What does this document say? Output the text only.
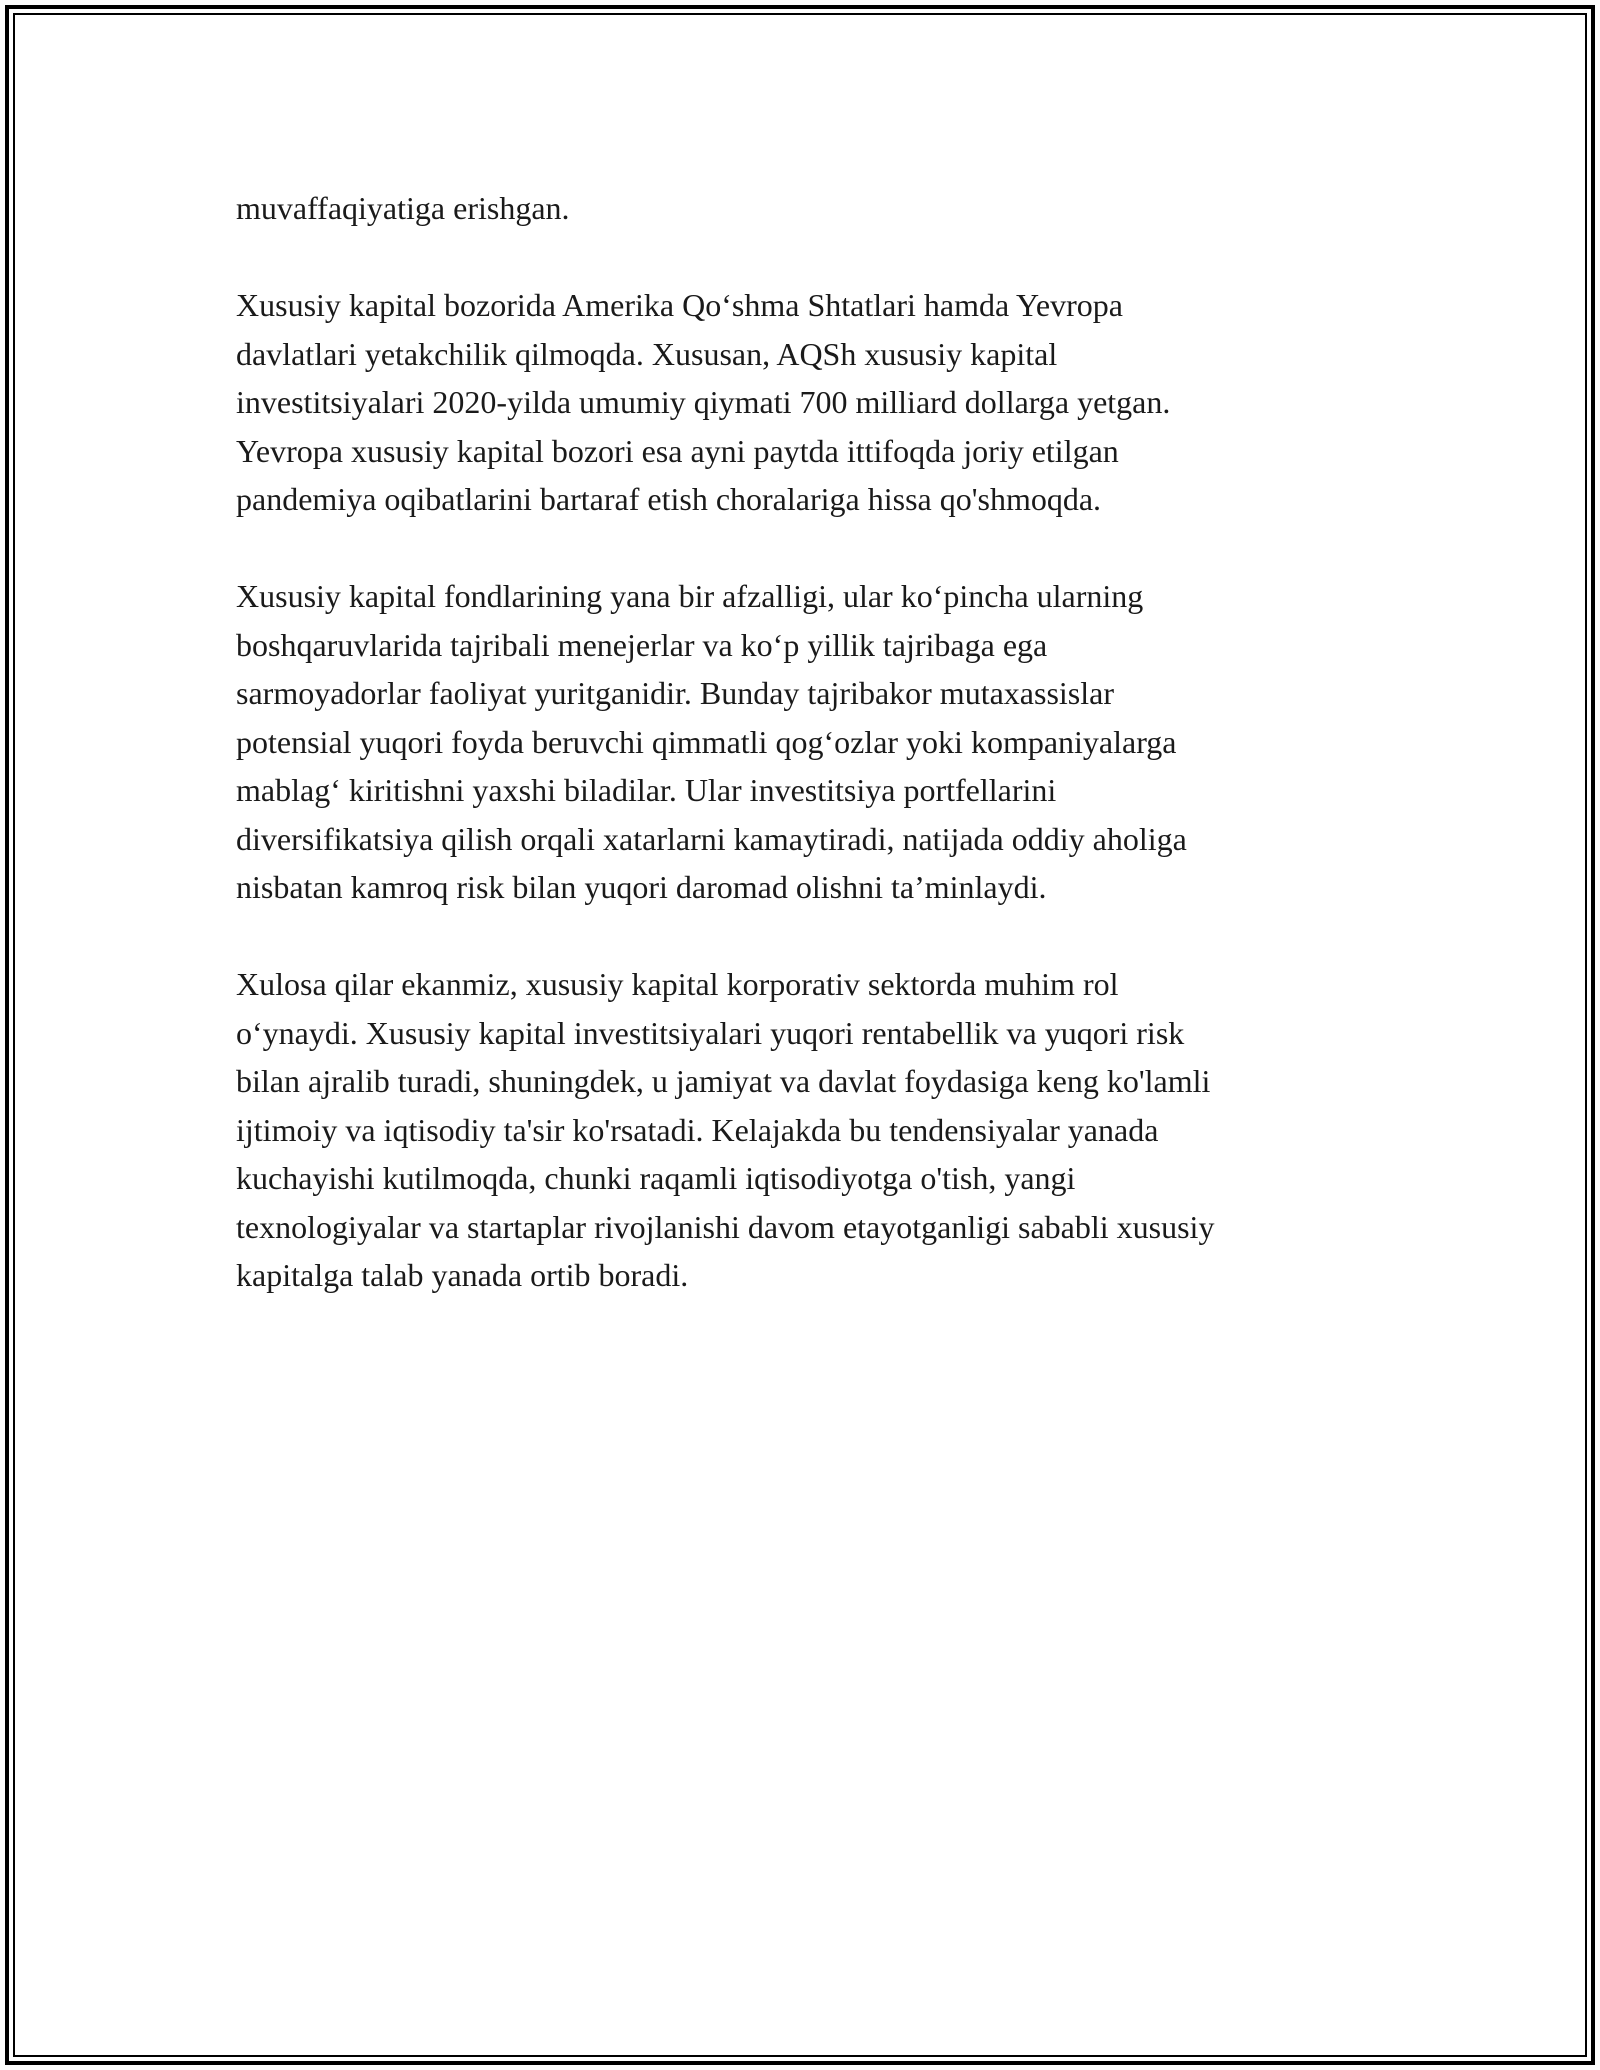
muvaffaqiyatiga erishgan.

Xususiy kapital bozorida Amerika Qo‘shma Shtatlari hamda Yevropa
davlatlari yetakchilik qilmoqda. Xususan, AQSh xususiy kapital
investitsiyalari 2020-yilda umumiy qiymati 700 milliard dollarga yetgan.
Yevropa xususiy kapital bozori esa ayni paytda ittifoqda joriy etilgan
pandemiya oqibatlarini bartaraf etish choralariga hissa qo'shmoqda.

Xususiy kapital fondlarining yana bir afzalligi, ular ko‘pincha ularning
boshqaruvlarida tajribali menejerlar va ko‘p yillik tajribaga ega
sarmoyadorlar faoliyat yuritganidir. Bunday tajribakor mutaxassislar
potensial yuqori foyda beruvchi qimmatli qog‘ozlar yoki kompaniyalarga
mablag‘ kiritishni yaxshi biladilar. Ular investitsiya portfellarini
diversifikatsiya qilish orqali xatarlarni kamaytiradi, natijada oddiy aholiga
nisbatan kamroq risk bilan yuqori daromad olishni ta’minlaydi.

Xulosa qilar ekanmiz, xususiy kapital korporativ sektorda muhim rol
o‘ynaydi. Xususiy kapital investitsiyalari yuqori rentabellik va yuqori risk
bilan ajralib turadi, shuningdek, u jamiyat va davlat foydasiga keng ko'lamli
ijtimoiy va iqtisodiy ta'sir ko'rsatadi. Kelajakda bu tendensiyalar yanada
kuchayishi kutilmoqda, chunki raqamli iqtisodiyotga o'tish, yangi
texnologiyalar va startaplar rivojlanishi davom etayotganligi sababli xususiy
kapitalga talab yanada ortib boradi.
